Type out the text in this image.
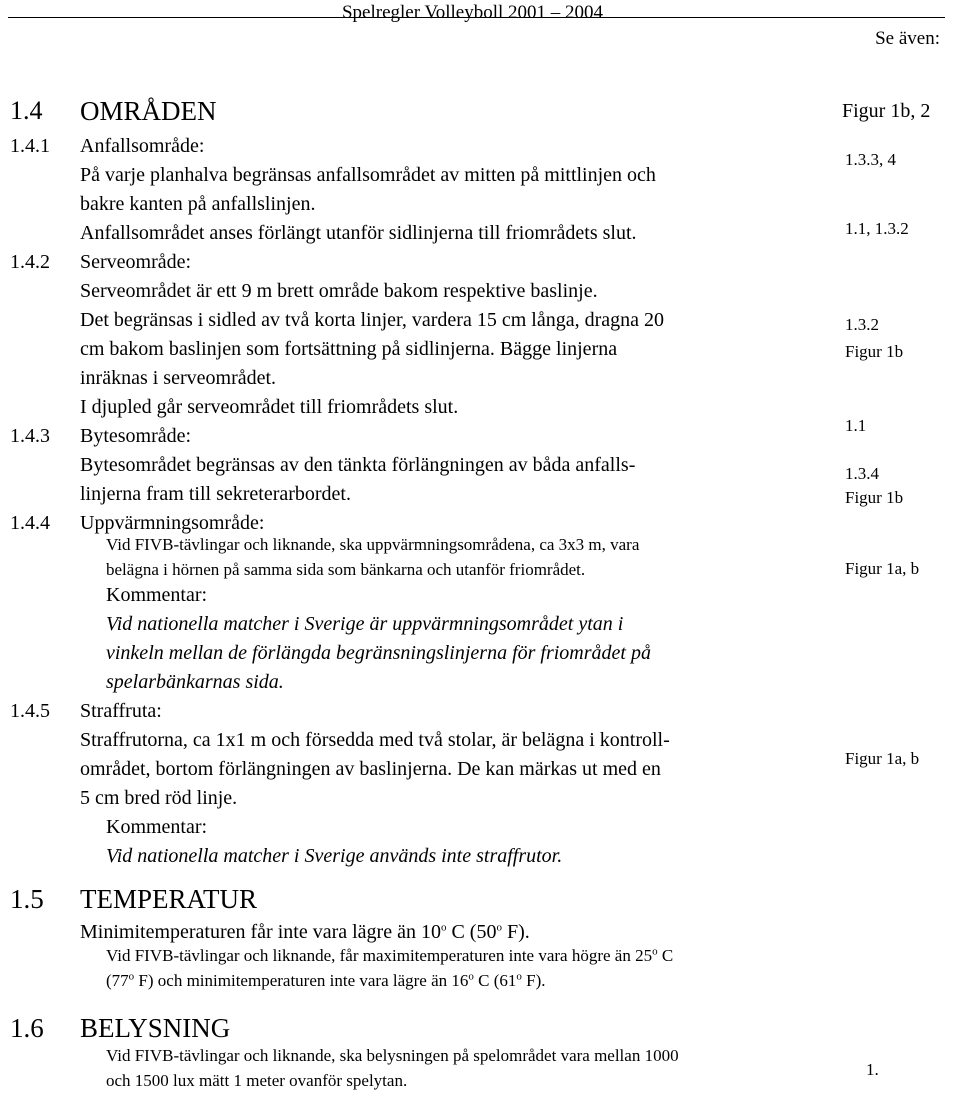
Spelregler Volleyboll 2001 – 2004
Se även:
1.4 OMRÅDEN	Figur 1b, 2
1.4.1 Anfallsområde:
På varje planhalva begränsas anfallsområdet av mitten på mittlinjen och
bakre kanten på anfallslinjen.
Anfallsområdet anses förlängt utanför sidlinjerna till friområdets slut.
1.3.3, 4
1.1, 1.3.2
1.4.2 Serveområde:
Serveområdet är ett 9 m brett område bakom respektive baslinje.
Det begränsas i sidled av två korta linjer, vardera 15 cm långa, dragna 20
cm bakom baslinjen som fortsättning på sidlinjerna. Bägge linjerna
inräknas i serveområdet.
I djupled går serveområdet till friområdets slut.
1.3.2
Figur 1b
1.4.3 Bytesområde:
Bytesområdet begränsas av den tänkta förlängningen av båda anfalls-
linjerna fram till sekreterarbordet.
1.1
1.3.4
Figur 1b
1.4.4 Uppvärmningsområde:
Vid FIVB-tävlingar och liknande, ska uppvärmningsområdena, ca 3x3 m, vara
belägna i hörnen på samma sida som bänkarna och utanför friområdet.
Kommentar:
Vid nationella matcher i Sverige är uppvärmningsområdet ytan i
vinkeln mellan de förlängda begränsningslinjerna för friområdet på
spelarbänkarnas sida.
Figur 1a, b
1.4.5 Straffruta:
Straffrutorna, ca 1x1 m och försedda med två stolar, är belägna i kontroll-
området, bortom förlängningen av baslinjerna. De kan märkas ut med en
5 cm bred röd linje.
Kommentar:
Vid nationella matcher i Sverige används inte straffrutor.
Figur 1a, b
1.5 TEMPERATUR
Minimitemperaturen får inte vara lägre än 10$^o$ C (50$^o$ F).
Vid FIVB-tävlingar och liknande, får maximitemperaturen inte vara högre än 25$^o$ C
(77$^o$ F) och minimitemperaturen inte vara lägre än 16$^o$ C (61$^o$ F).
1.6 BELYSNING
Vid FIVB-tävlingar och liknande, ska belysningen på spelområdet vara mellan 1000
och 1500 lux mätt 1 meter ovanför spelytan.
1.
